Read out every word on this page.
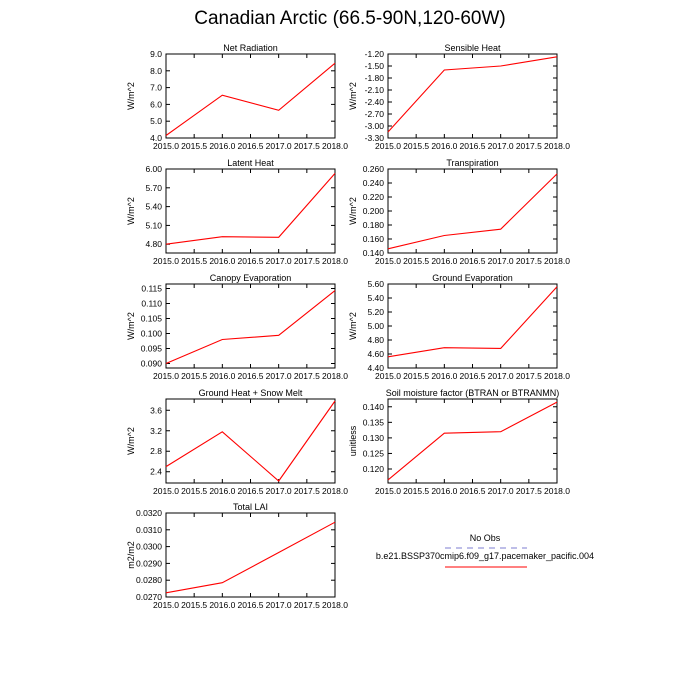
Canadian Arctic (66.5-90N,120-60W)
Net Radiation
2015.0 2015.5 2016.0 2016.5 2017.0 2017.5 2018.0
4.0
5.0
6.0
7.0
8.0
9.0
W/m^2
Sensible Heat
2015.0 2015.5 2016.0 2016.5 2017.0 2017.5 2018.0
-3.30
-3.00
-2.70
-2.40
-2.10
-1.80
-1.50
-1.20
W/m^2
Latent Heat
2015.0 2015.5 2016.0 2016.5 2017.0 2017.5 2018.0
4.80
5.10
5.40
5.70
6.00
W/m^2
Transpiration
2015.0 2015.5 2016.0 2016.5 2017.0 2017.5 2018.0
0.140
0.160
0.180
0.200
0.220
0.240
0.260
W/m^2
Canopy Evaporation
2015.0 2015.5 2016.0 2016.5 2017.0 2017.5 2018.0
0.090
0.095
0.100
0.105
0.110
0.115
W/m^2
Ground Evaporation
2015.0 2015.5 2016.0 2016.5 2017.0 2017.5 2018.0
4.40
4.60
4.80
5.00
5.20
5.40
5.60
W/m^2
Ground Heat + Snow Melt
2015.0 2015.5 2016.0 2016.5 2017.0 2017.5 2018.0
2.4
2.8
3.2
3.6
W/m^2
Soil moisture factor (BTRAN or BTRANMN)
2015.0 2015.5 2016.0 2016.5 2017.0 2017.5 2018.0
0.120
0.125
0.130
0.135
0.140
unitless
Total LAI
2015.0 2015.5 2016.0 2016.5 2017.0 2017.5 2018.0
0.0270
0.0280
0.0290
0.0300
0.0310
0.0320
m2/m2
No Obs
b.e21.BSSP370cmip6.f09_g17.pacemaker_pacific.004
